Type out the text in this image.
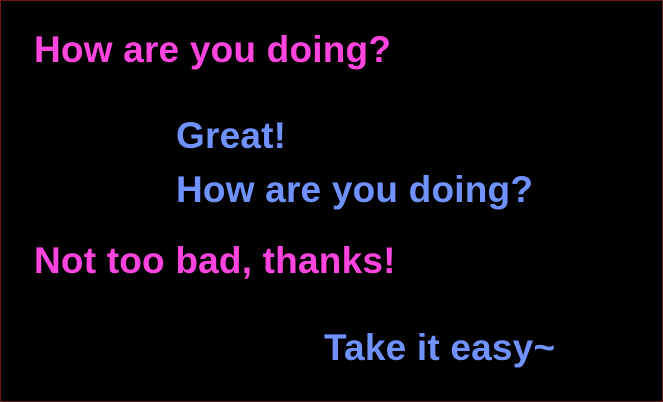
How are you doing?
Great!
How are you doing?
Not too bad, thanks!
Take it easy~
